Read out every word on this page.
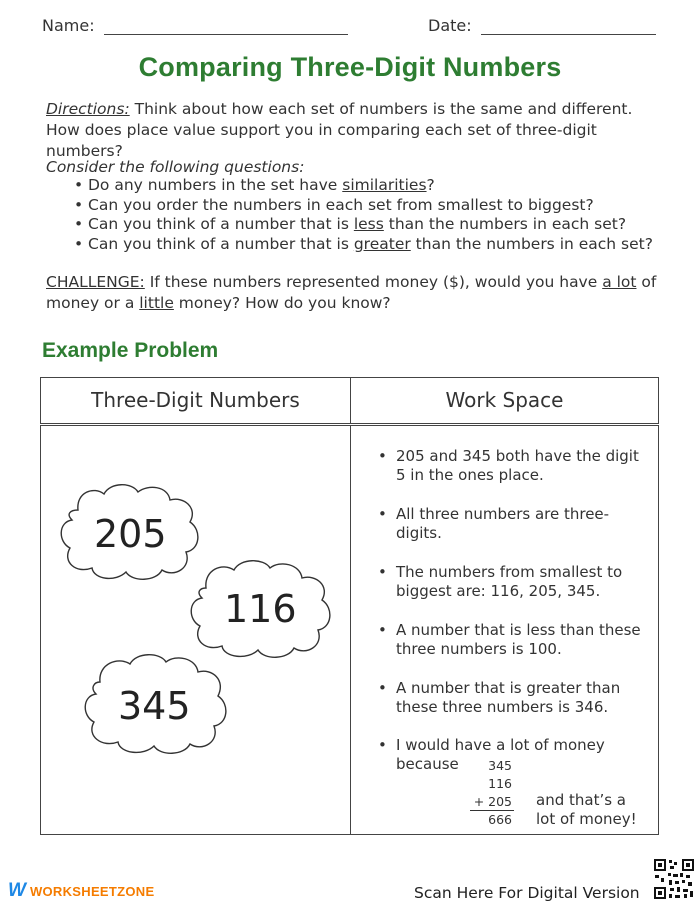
Name:	Date:
Comparing Three-Digit Numbers
Directions: Think about how each set of numbers is the same and different. How does place value support you in comparing each set of three-digit numbers?
Consider the following questions:
• Do any numbers in the set have similarities?
• Can you order the numbers in each set from smallest to biggest?
• Can you think of a number that is less than the numbers in each set?
• Can you think of a number that is greater than the numbers in each set?
CHALLENGE: If these numbers represented money ($), would you have a lot of money or a little money? How do you know?
Example Problem
Three-Digit Numbers	Work Space
205
116
345
• 205 and 345 both have the digit 5 in the ones place.
• All three numbers are three-digits.
• The numbers from smallest to biggest are: 116, 205, 345.
• A number that is less than these three numbers is 100.
• A number that is greater than these three numbers is 346.
• I would have a lot of money because	345
116
+ 205
666
and that’s a
lot of money!
W WORKSHEETZONE	Scan Here For Digital Version
